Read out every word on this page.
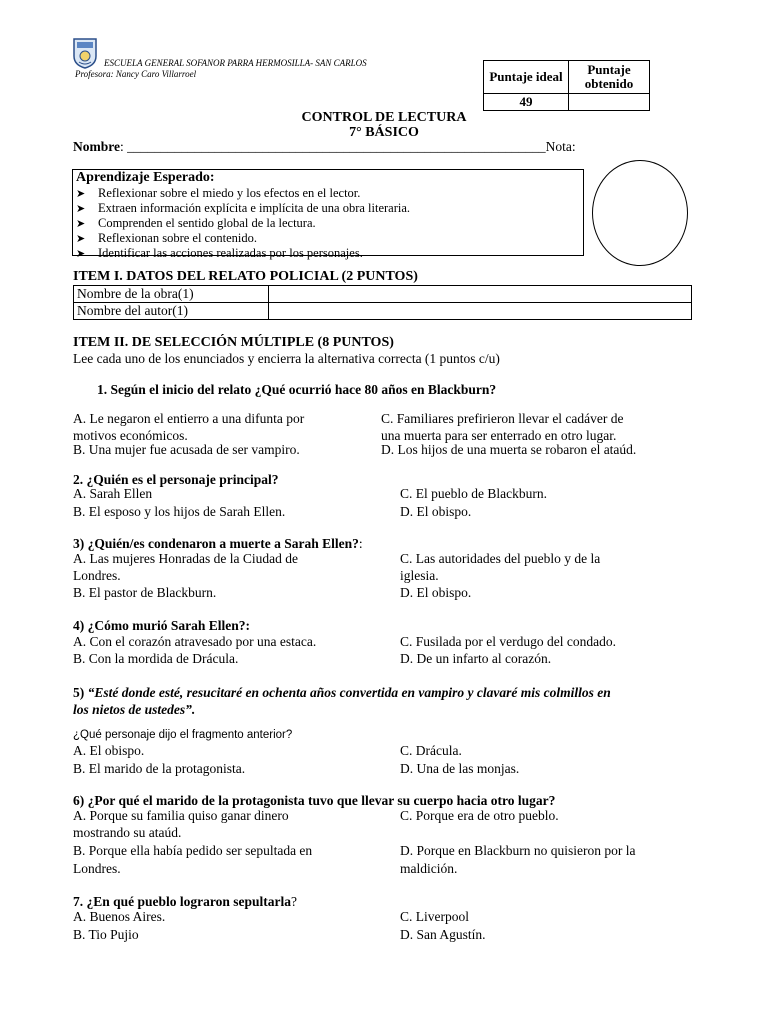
ESCUELA GENERAL SOFANOR PARRA HERMOSILLA- SAN CARLOS
Profesora: Nancy Caro Villarroel	Puntaje ideal	Puntaje obtenido
49	
CONTROL DE LECTURA
7° BÁSICO
Nombre: ______________________________________________________________Nota:
Aprendizaje Esperado:
➤ Reflexionar sobre el miedo y los efectos en el lector.
➤ Extraen información explícita e implícita de una obra literaria.
➤ Comprenden el sentido global de la lectura.
➤ Reflexionan sobre el contenido.
➤ Identificar las acciones realizadas por los personajes.
ITEM I. DATOS DEL RELATO POLICIAL (2 PUNTOS)
Nombre de la obra(1)	
Nombre del autor(1)	
ITEM II. DE SELECCIÓN MÚLTIPLE (8 PUNTOS)
Lee cada uno de los enunciados y encierra la alternativa correcta (1 puntos c/u)
1. Según el inicio del relato ¿Qué ocurrió hace 80 años en Blackburn?
A. Le negaron el entierro a una difunta por
motivos económicos.
B. Una mujer fue acusada de ser vampiro.
C. Familiares prefirieron llevar el cadáver de
una muerta para ser enterrado en otro lugar.
D. Los hijos de una muerta se robaron el ataúd.
2. ¿Quién es el personaje principal?
A. Sarah Ellen
B. El esposo y los hijos de Sarah Ellen.
C. El pueblo de Blackburn.
D. El obispo.
3) ¿Quién/es condenaron a muerte a Sarah Ellen?:
A. Las mujeres Honradas de la Ciudad de
Londres.
B. El pastor de Blackburn.
C. Las autoridades del pueblo y de la
iglesia.
D. El obispo.
4) ¿Cómo murió Sarah Ellen?:
A. Con el corazón atravesado por una estaca.
B. Con la mordida de Drácula.
C. Fusilada por el verdugo del condado.
D. De un infarto al corazón.
5) “Esté donde esté, resucitaré en ochenta años convertida en vampiro y clavaré mis colmillos en
los nietos de ustedes”.
¿Qué personaje dijo el fragmento anterior?
A. El obispo.
B. El marido de la protagonista.
C. Drácula.
D. Una de las monjas.
6) ¿Por qué el marido de la protagonista tuvo que llevar su cuerpo hacia otro lugar?
A. Porque su familia quiso ganar dinero
mostrando su ataúd.
B. Porque ella había pedido ser sepultada en
Londres.
C. Porque era de otro pueblo.
D. Porque en Blackburn no quisieron por la
maldición.
7. ¿En qué pueblo lograron sepultarla?
A. Buenos Aires.
B. Tio Pujio
C. Liverpool
D. San Agustín.
